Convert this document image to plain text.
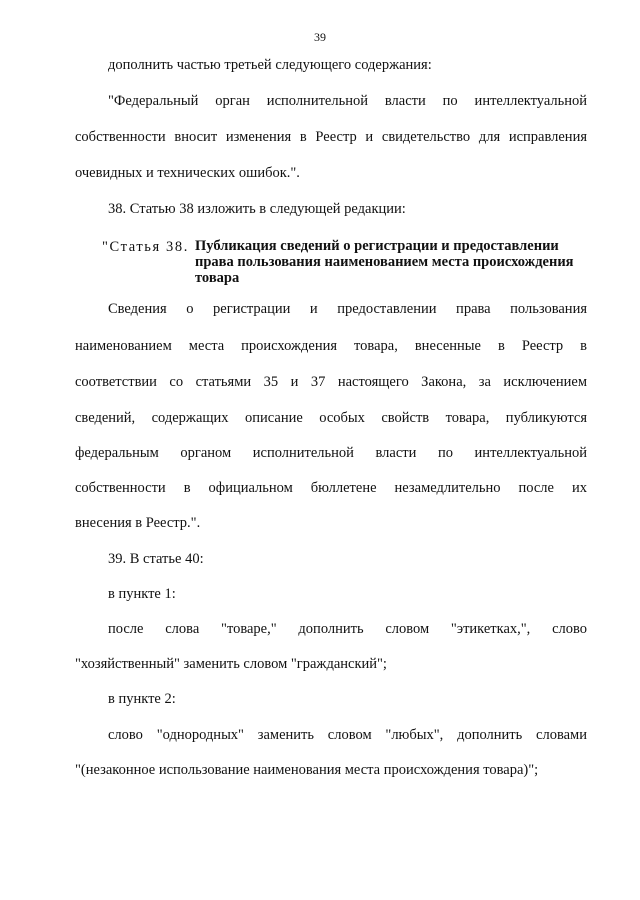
39
дополнить частью третьей следующего содержания:
"Федеральный орган исполнительной власти по интеллектуальной
собственности вносит изменения в Реестр и свидетельство для исправления
очевидных и технических ошибок.".
38. Статью 38 изложить в следующей редакции:
"Статья 38. Публикация сведений о регистрации и предоставлении права пользования наименованием места происхождения товара
Сведения о регистрации и предоставлении права пользования
наименованием места происхождения товара, внесенные в Реестр в
соответствии со статьями 35 и 37 настоящего Закона, за исключением
сведений, содержащих описание особых свойств товара, публикуются
федеральным органом исполнительной власти по интеллектуальной
собственности в официальном бюллетене незамедлительно после их
внесения в Реестр.".
39. В статье 40:
в пункте 1:
после слова "товаре," дополнить словом "этикетках,", слово
"хозяйственный" заменить словом "гражданский";
в пункте 2:
слово "однородных" заменить словом "любых", дополнить словами
"(незаконное использование наименования места происхождения товара)";
